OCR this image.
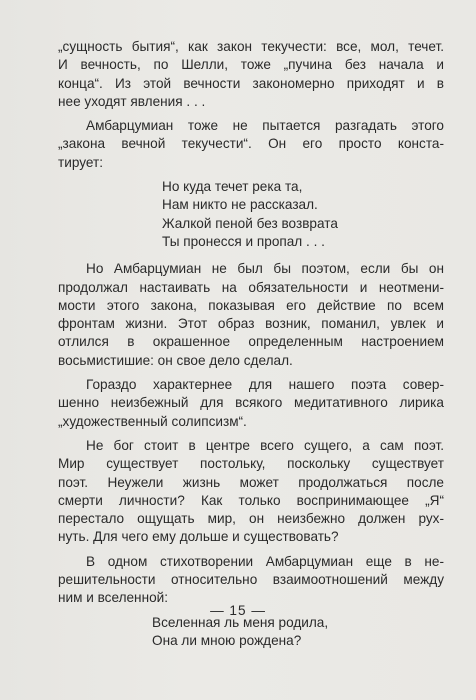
„сущность бытия“, как закон текучести: все, мол, течет.
И вечность, по Шелли, тоже „пучина без начала и
конца“. Из этой вечности закономерно приходят и в
нее уходят явления . . .
Амбарцумиан тоже не пытается разгадать этого
„закона вечной текучести“. Он его просто конста-
тирует:
Но куда течет река та,
Нам никто не рассказал.
Жалкой пеной без возврата
Ты пронесся и пропал . . .
Но Амбарцумиан не был бы поэтом, если бы он
продолжал настаивать на обязательности и неотмени-
мости этого закона, показывая его действие по всем
фронтам жизни. Этот образ возник, поманил, увлек и
отлился в окрашенное определенным настроением
восьмистишие: он свое дело сделал.
Гораздо характернее для нашего поэта совер-
шенно неизбежный для всякого медитативного лирика
„художественный солипсизм“.
Не бог стоит в центре всего сущего, а сам поэт.
Мир существует постольку, поскольку существует
поэт. Неужели жизнь может продолжаться после
смерти личности? Как только воспринимающее „Я“
перестало ощущать мир, он неизбежно должен рух-
нуть. Для чего ему дольше и существовать?
В одном стихотворении Амбарцумиан еще в не-
решительности относительно взаимоотношений между
ним и вселенной:
Вселенная ль меня родила,
Она ли мною рождена?
— 15 —
